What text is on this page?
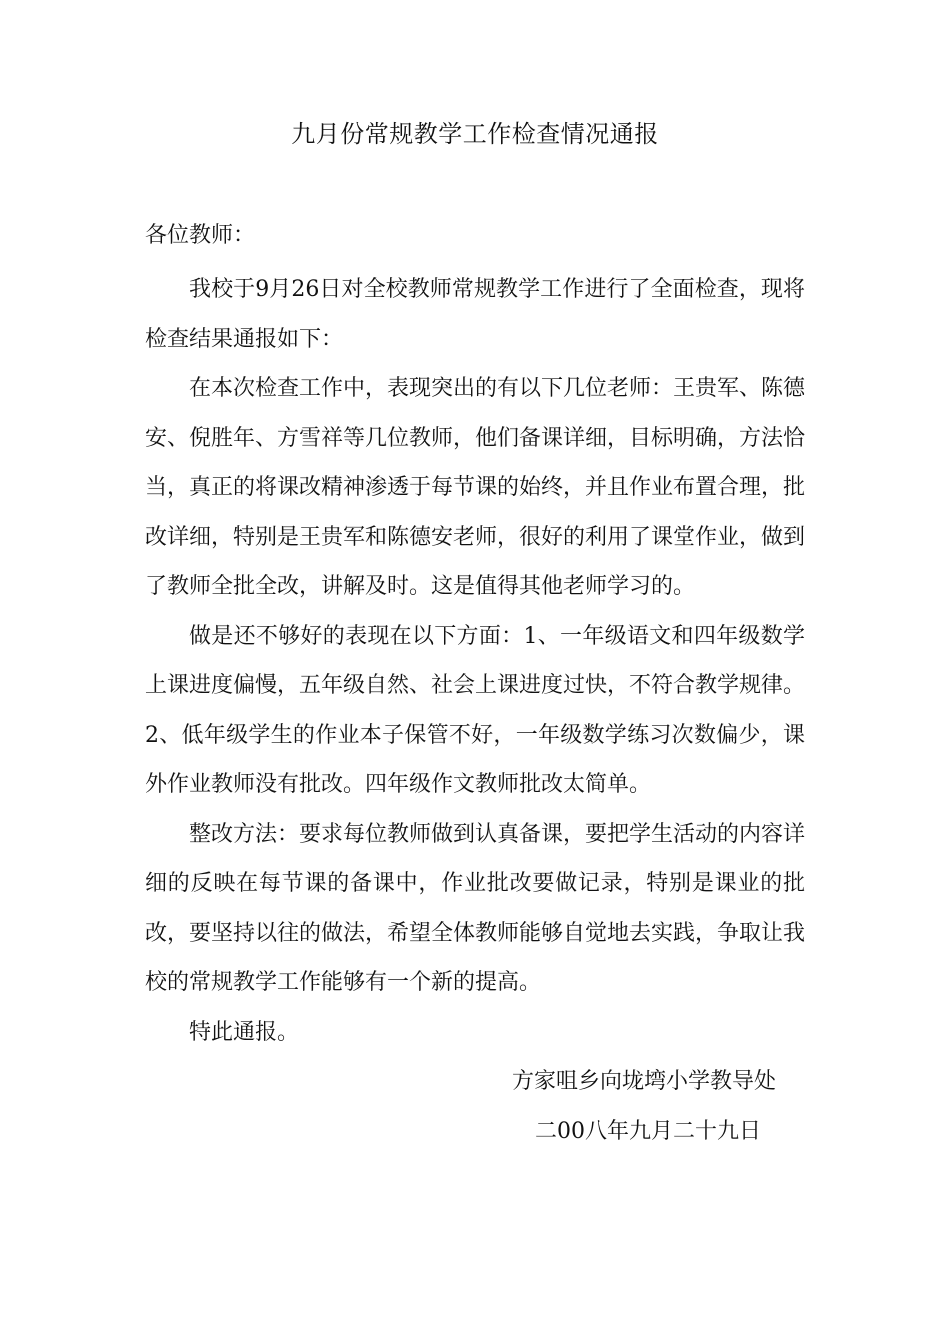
九月份常规教学工作检查情况通报
各位教师：

我校于9月26日对全校教师常规教学工作进行了全面检查，现将检查结果通报如下：

在本次检查工作中，表现突出的有以下几位老师：王贵军、陈德安、倪胜年、方雪祥等几位教师，他们备课详细，目标明确，方法恰当，真正的将课改精神渗透于每节课的始终，并且作业布置合理，批改详细，特别是王贵军和陈德安老师，很好的利用了课堂作业，做到了教师全批全改，讲解及时。这是值得其他老师学习的。

做是还不够好的表现在以下方面：1、一年级语文和四年级数学上课进度偏慢，五年级自然、社会上课进度过快，不符合教学规律。2、低年级学生的作业本子保管不好，一年级数学练习次数偏少，课外作业教师没有批改。四年级作文教师批改太简单。

整改方法：要求每位教师做到认真备课，要把学生活动的内容详细的反映在每节课的备课中，作业批改要做记录，特别是课业的批改，要坚持以往的做法，希望全体教师能够自觉地去实践，争取让我校的常规教学工作能够有一个新的提高。

特此通报。

方家咀乡向垅塆小学教导处
二00八年九月二十九日
